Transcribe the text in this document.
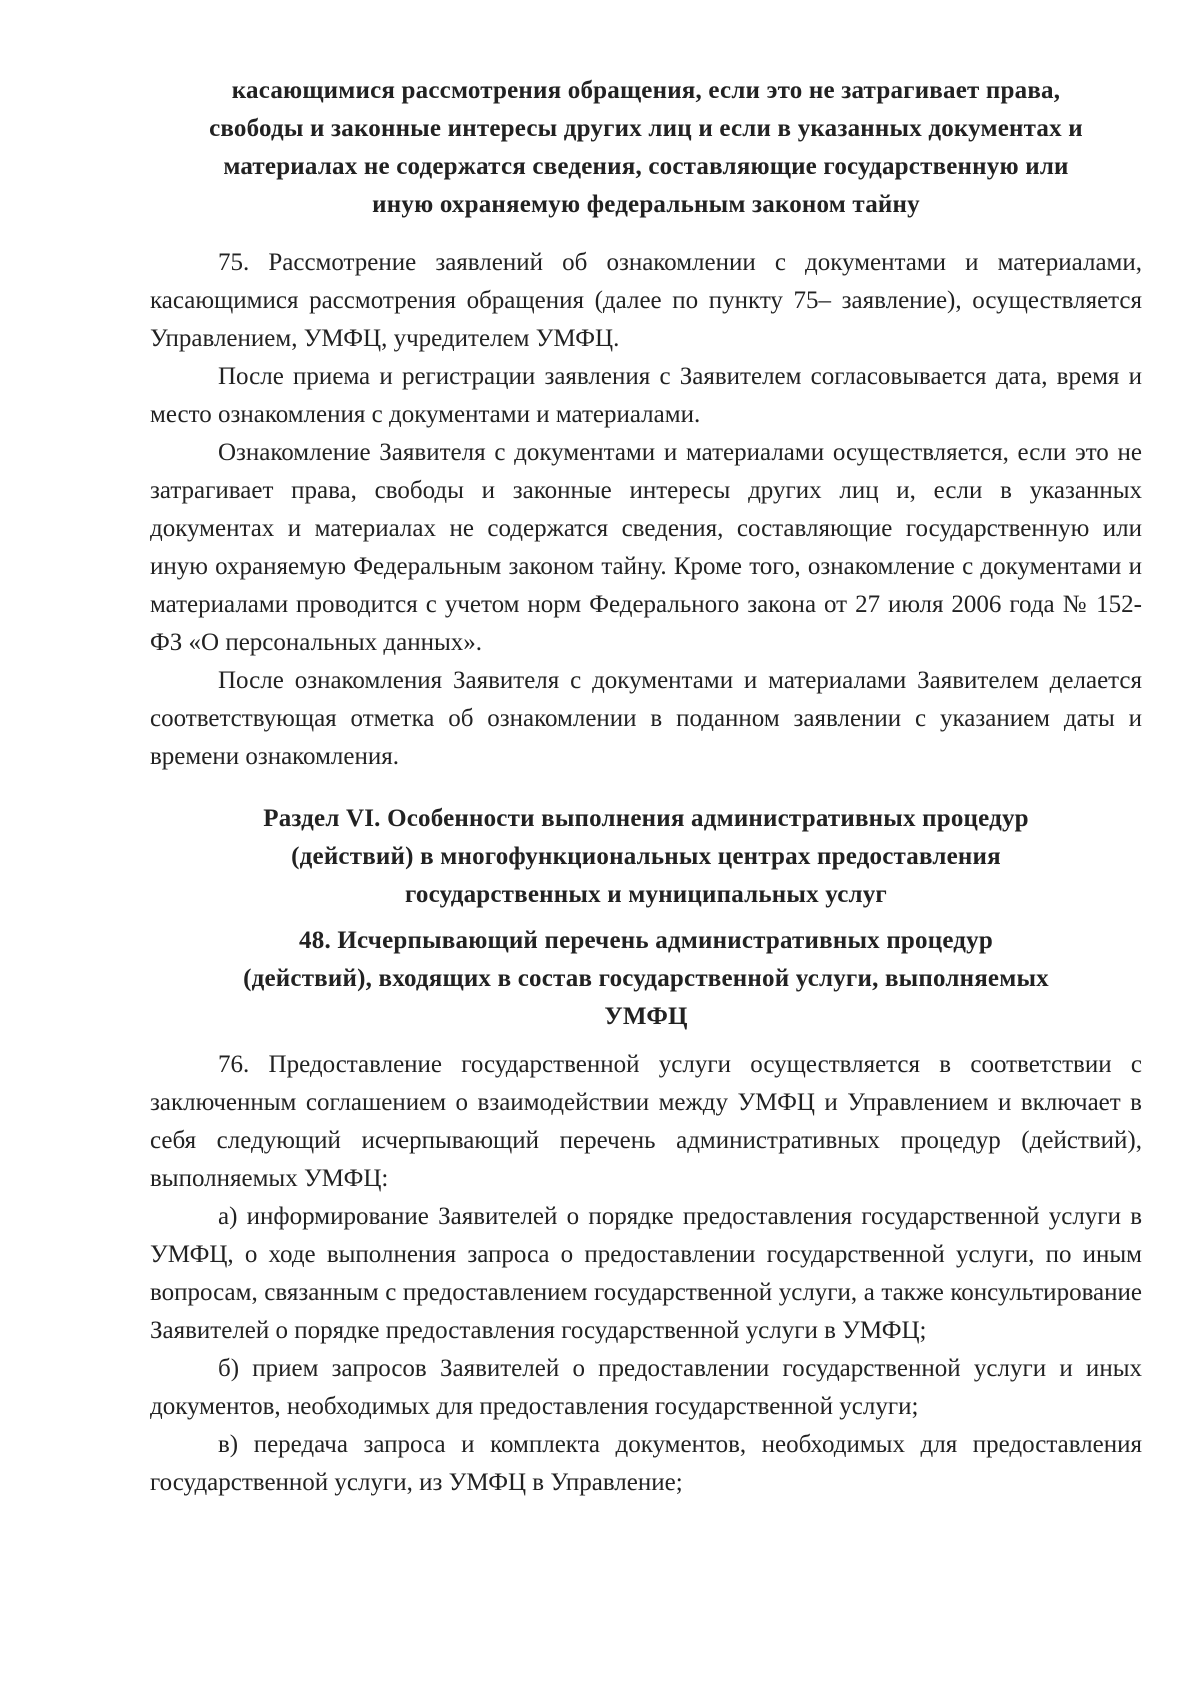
касающимися рассмотрения обращения, если это не затрагивает права,
свободы и законные интересы других лиц и если в указанных документах и
материалах не содержатся сведения, составляющие государственную или
иную охраняемую федеральным законом тайну

75. Рассмотрение заявлений об ознакомлении с документами и материалами, касающимися рассмотрения обращения (далее по пункту 75– заявление), осуществляется Управлением, УМФЦ, учредителем УМФЦ.

После приема и регистрации заявления с Заявителем согласовывается дата, время и место ознакомления с документами и материалами.

Ознакомление Заявителя с документами и материалами осуществляется, если это не затрагивает права, свободы и законные интересы других лиц и, если в указанных документах и материалах не содержатся сведения, составляющие государственную или иную охраняемую Федеральным законом тайну. Кроме того, ознакомление с документами и материалами проводится с учетом норм Федерального закона от 27 июля 2006 года № 152-ФЗ «О персональных данных».

После ознакомления Заявителя с документами и материалами Заявителем делается соответствующая отметка об ознакомлении в поданном заявлении с указанием даты и времени ознакомления.

Раздел VI. Особенности выполнения административных процедур
(действий) в многофункциональных центрах предоставления
государственных и муниципальных услуг
48. Исчерпывающий перечень административных процедур
(действий), входящих в состав государственной услуги, выполняемых
УМФЦ

76. Предоставление государственной услуги осуществляется в соответствии с заключенным соглашением о взаимодействии между УМФЦ и Управлением и включает в себя следующий исчерпывающий перечень административных процедур (действий), выполняемых УМФЦ:

а) информирование Заявителей о порядке предоставления государственной услуги в УМФЦ, о ходе выполнения запроса о предоставлении государственной услуги, по иным вопросам, связанным с предоставлением государственной услуги, а также консультирование Заявителей о порядке предоставления государственной услуги в УМФЦ;

б) прием запросов Заявителей о предоставлении государственной услуги и иных документов, необходимых для предоставления государственной услуги;

в) передача запроса и комплекта документов, необходимых для предоставления государственной услуги, из УМФЦ в Управление;
